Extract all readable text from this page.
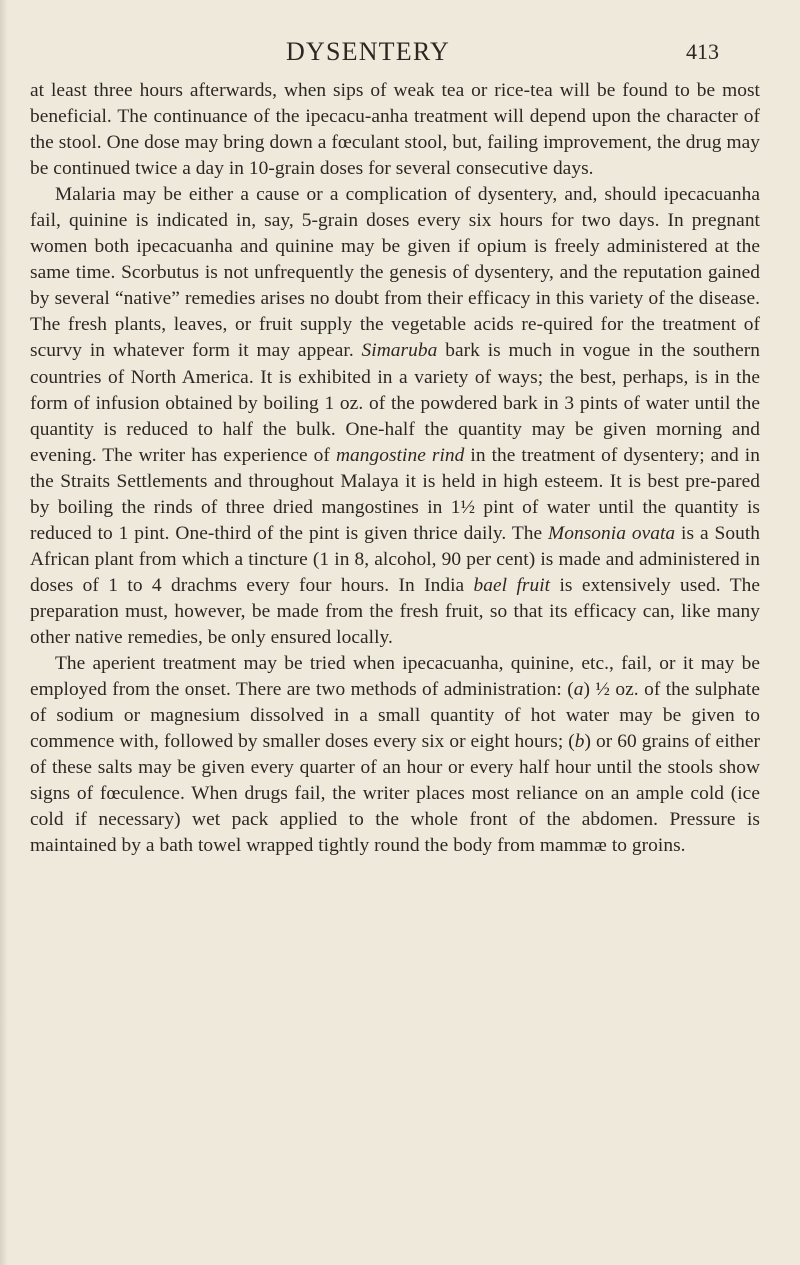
DYSENTERY	413

at least three hours afterwards, when sips of weak tea or rice-tea will be found to be most beneficial. The continuance of the ipecacu-anha treatment will depend upon the character of the stool. One dose may bring down a fœculant stool, but, failing improvement, the drug may be continued twice a day in 10-grain doses for several consecutive days.

Malaria may be either a cause or a complication of dysentery, and, should ipecacuanha fail, quinine is indicated in, say, 5-grain doses every six hours for two days. In pregnant women both ipecacuanha and quinine may be given if opium is freely administered at the same time. Scorbutus is not unfrequently the genesis of dysentery, and the reputation gained by several “native” remedies arises no doubt from their efficacy in this variety of the disease. The fresh plants, leaves, or fruit supply the vegetable acids re-quired for the treatment of scurvy in whatever form it may appear. Simaruba bark is much in vogue in the southern countries of North America. It is exhibited in a variety of ways; the best, perhaps, is in the form of infusion obtained by boiling 1 oz. of the powdered bark in 3 pints of water until the quantity is reduced to half the bulk. One-half the quantity may be given morning and evening. The writer has experience of mangostine rind in the treatment of dysentery; and in the Straits Settlements and throughout Malaya it is held in high esteem. It is best pre-pared by boiling the rinds of three dried mangostines in 1½ pint of water until the quantity is reduced to 1 pint. One-third of the pint is given thrice daily. The Monsonia ovata is a South African plant from which a tincture (1 in 8, alcohol, 90 per cent) is made and administered in doses of 1 to 4 drachms every four hours. In India bael fruit is extensively used. The preparation must, however, be made from the fresh fruit, so that its efficacy can, like many other native remedies, be only ensured locally.

The aperient treatment may be tried when ipecacuanha, quinine, etc., fail, or it may be employed from the onset. There are two methods of administration: (a) ½ oz. of the sulphate of sodium or magnesium dissolved in a small quantity of hot water may be given to commence with, followed by smaller doses every six or eight hours; (b) or 60 grains of either of these salts may be given every quarter of an hour or every half hour until the stools show signs of fœculence. When drugs fail, the writer places most reliance on an ample cold (ice cold if necessary) wet pack applied to the whole front of the abdomen. Pressure is maintained by a bath towel wrapped tightly round the body from mammæ to groins.
